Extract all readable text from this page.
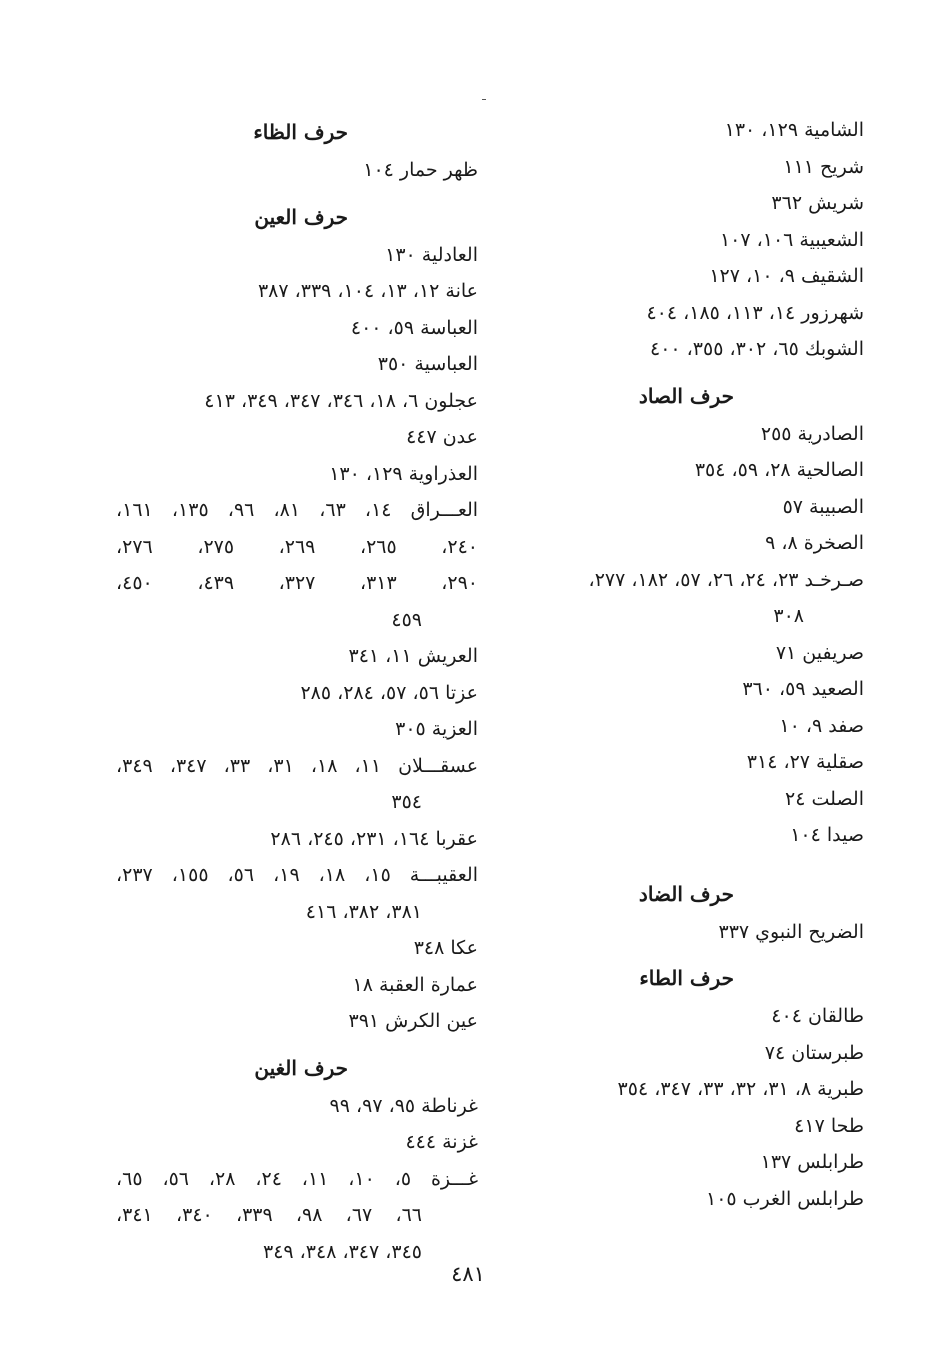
الشامية ١٢٩، ١٣٠
شريح ١١١
شريش ٣٦٢
الشعيبية ١٠٦، ١٠٧
الشقيف ٩، ١٠، ١٢٧
شهرزور ١٤، ١١٣، ١٨٥، ٤٠٤
الشوبك ٦٥، ٣٠٢، ٣٥٥، ٤٠٠
حرف الصاد
الصادرية ٢٥٥
الصالحية ٢٨، ٥٩، ٣٥٤
الصبيبة ٥٧
الصخرة ٨، ٩
صـرخـد ٢٣، ٢٤، ٢٦، ٥٧، ١٨٢، ٢٧٧،
٣٠٨
صريفين ٧١
الصعيد ٥٩، ٣٦٠
صفد ٩، ١٠
صقلية ٢٧، ٣١٤
الصلت ٢٤
صيدا ١٠٤
حرف الضاد
الضريح النبوي ٣٣٧
حرف الطاء
طالقان ٤٠٤
طبرستان ٧٤
طبرية ٨، ٣١، ٣٢، ٣٣، ٣٤٧، ٣٥٤
طحا ٤١٧
طرابلس ١٣٧
طرابلس الغرب ١٠٥
حرف الظاء
ظهر حمار ١٠٤
حرف العين
العادلية ١٣٠
عانة ١٢، ١٣، ١٠٤، ٣٣٩، ٣٨٧
العباسة ٥٩، ٤٠٠
العباسية ٣٥٠
عجلون ٦، ١٨، ٣٤٦، ٣٤٧، ٣٤٩، ٤١٣
عدن ٤٤٧
العذراوية ١٢٩، ١٣٠
العـــراق ١٤، ٦٣، ٨١، ٩٦، ١٣٥، ١٦١،
٢٤٠، ٢٦٥، ٢٦٩، ٢٧٥، ٢٧٦،
٢٩٠، ٣١٣، ٣٢٧، ٤٣٩، ٤٥٠،
٤٥٩
العريش ١١، ٣٤١
عزتا ٥٦، ٥٧، ٢٨٤، ٢٨٥
العزية ٣٠٥
عسقـــلان ١١، ١٨، ٣١، ٣٣، ٣٤٧، ٣٤٩،
٣٥٤
عقربا ١٦٤، ٢٣١، ٢٤٥، ٢٨٦
العقيبـــة ١٥، ١٨، ١٩، ٥٦، ١٥٥، ٢٣٧،
٣٨١، ٣٨٢، ٤١٦
عكا ٣٤٨
عمارة العقبة ١٨
عين الكرش ٣٩١
حرف الغين
غرناطة ٩٥، ٩٧، ٩٩
غزنة ٤٤٤
غـــزة ٥، ١٠، ١١، ٢٤، ٢٨، ٥٦، ٦٥،
٦٦، ٦٧، ٩٨، ٣٣٩، ٣٤٠، ٣٤١،
٣٤٥، ٣٤٧، ٣٤٨، ٣٤٩
٤٨١
